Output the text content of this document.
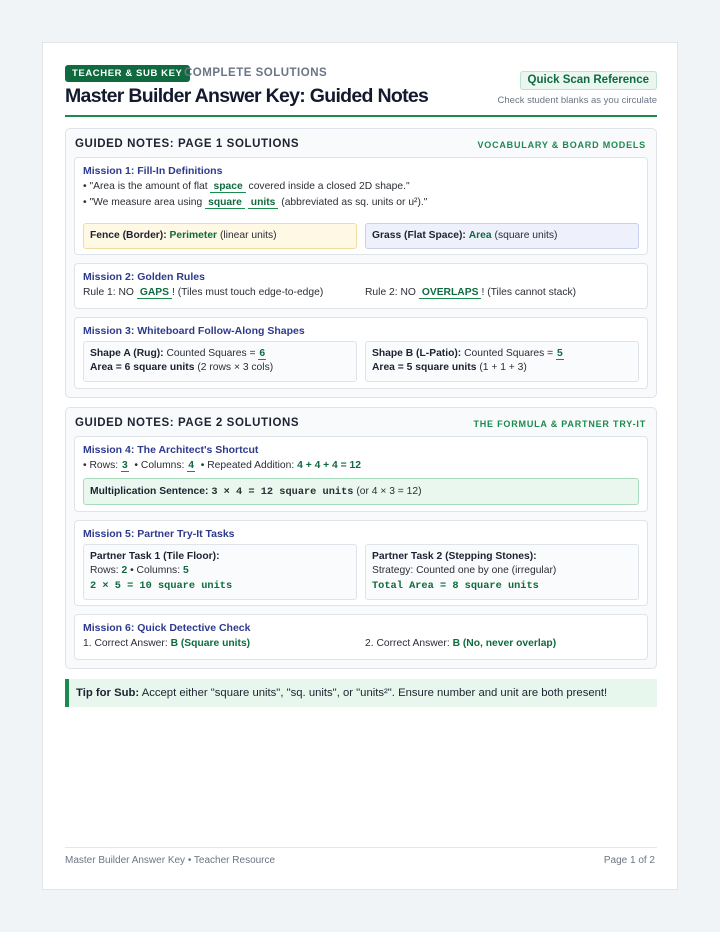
TEACHER & SUB KEY COMPLETE SOLUTIONS
Master Builder Answer Key: Guided Notes
Quick Scan Reference
Check student blanks as you circulate
GUIDED NOTES: PAGE 1 SOLUTIONS	VOCABULARY & BOARD MODELS
Mission 1: Fill-In Definitions
• "Area is the amount of flat space covered inside a closed 2D shape."
• "We measure area using square units (abbreviated as sq. units or u²)."
Fence (Border): Perimeter (linear units)	Grass (Flat Space): Area (square units)
Mission 2: Golden Rules
Rule 1: NO GAPS ! (Tiles must touch edge-to-edge)	Rule 2: NO OVERLAPS ! (Tiles cannot stack)
Mission 3: Whiteboard Follow-Along Shapes
Shape A (Rug): Counted Squares = 6
Area = 6 square units (2 rows × 3 cols)
Shape B (L-Patio): Counted Squares = 5
Area = 5 square units (1 + 1 + 3)
GUIDED NOTES: PAGE 2 SOLUTIONS	THE FORMULA & PARTNER TRY-IT
Mission 4: The Architect's Shortcut
• Rows: 3 • Columns: 4 • Repeated Addition: 4 + 4 + 4 = 12
Multiplication Sentence: 3 × 4 = 12 square units (or 4 × 3 = 12)
Mission 5: Partner Try-It Tasks
Partner Task 1 (Tile Floor):
Rows: 2 • Columns: 5
2 × 5 = 10 square units
Partner Task 2 (Stepping Stones):
Strategy: Counted one by one (irregular)
Total Area = 8 square units
Mission 6: Quick Detective Check
1. Correct Answer: B (Square units)	2. Correct Answer: B (No, never overlap)
Tip for Sub: Accept either "square units", "sq. units", or "units²". Ensure number and unit are both present!
Master Builder Answer Key • Teacher Resource	Page 1 of 2
